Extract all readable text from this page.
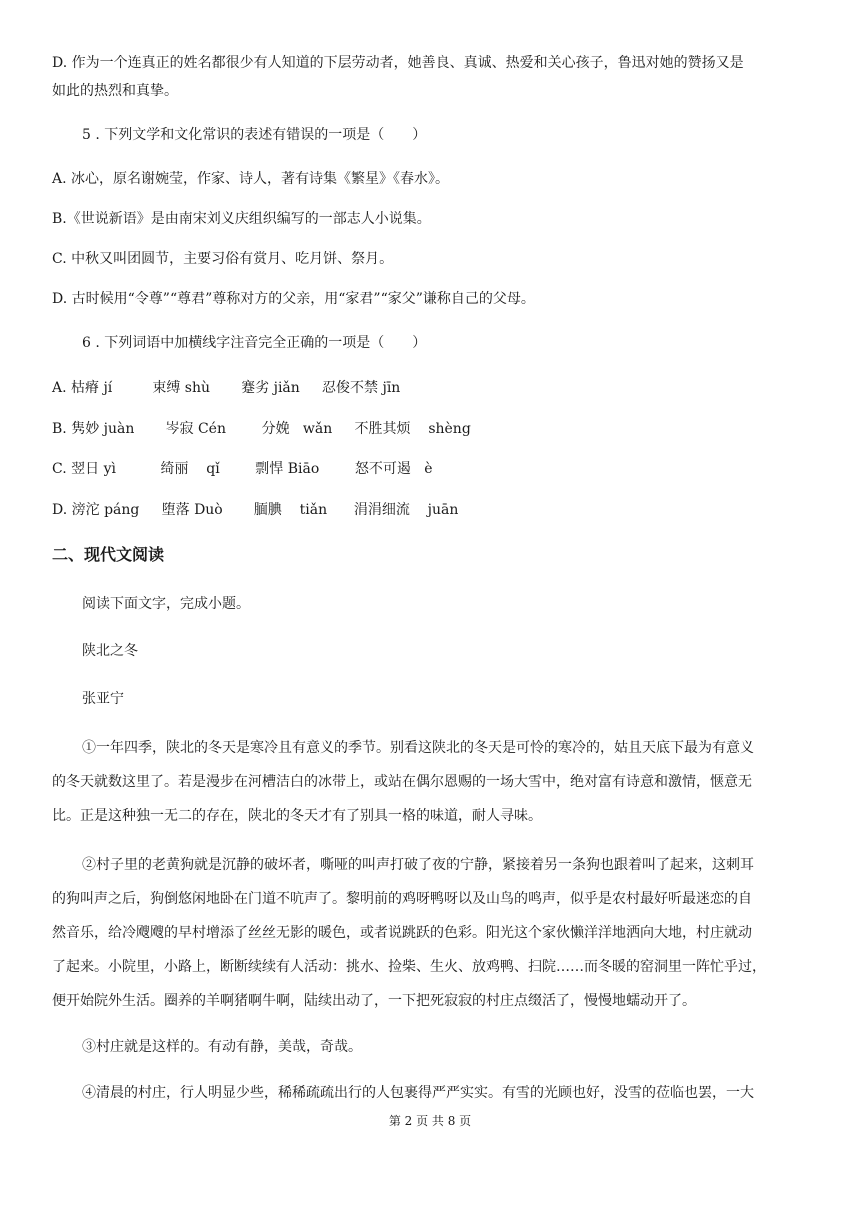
D. 作为一个连真正的姓名都很少有人知道的下层劳动者，她善良、真诚、热爱和关心孩子，鲁迅对她的赞扬又是
如此的热烈和真挚。
5 . 下列文学和文化常识的表述有错误的一项是（　　）
A. 冰心，原名谢婉莹，作家、诗人，著有诗集《繁星》《春水》。
B.《世说新语》是由南宋刘义庆组织编写的一部志人小说集。
C. 中秋又叫团圆节，主要习俗有赏月、吃月饼、祭月。
D. 古时候用“令尊”“尊君”尊称对方的父亲，用“家君”“家父”谦称自己的父母。
6 . 下列词语中加横线字注音完全正确的一项是（　　）
A. 枯瘠 jí         束缚 shù       蹇劣 jiǎn     忍俊不禁 jīn
B. 隽妙 juàn       岑寂 Cén        分娩   wǎn     不胜其烦    shèng
C. 翌日 yì          绮丽    qǐ        剽悍 Biāo        怒不可遏   è
D. 滂沱 páng     堕落 Duò       腼腆    tiǎn      涓涓细流    juān
二、现代文阅读
阅读下面文字，完成小题。
陕北之冬
张亚宁
①一年四季，陕北的冬天是寒冷且有意义的季节。别看这陕北的冬天是可怜的寒冷的，姑且天底下最为有意义
的冬天就数这里了。若是漫步在河槽洁白的冰带上，或站在偶尔恩赐的一场大雪中，绝对富有诗意和激情，惬意无
比。正是这种独一无二的存在，陕北的冬天才有了别具一格的味道，耐人寻味。
②村子里的老黄狗就是沉静的破坏者，嘶哑的叫声打破了夜的宁静，紧接着另一条狗也跟着叫了起来，这刺耳
的狗叫声之后，狗倒悠闲地卧在门道不吭声了。黎明前的鸡呀鸭呀以及山鸟的鸣声，似乎是农村最好听最迷恋的自
然音乐，给冷飕飕的早村增添了丝丝无影的暖色，或者说跳跃的色彩。阳光这个家伙懒洋洋地洒向大地，村庄就动
了起来。小院里，小路上，断断续续有人活动：挑水、捡柴、生火、放鸡鸭、扫院……而冬暖的窑洞里一阵忙乎过，
便开始院外生活。圈养的羊啊猪啊牛啊，陆续出动了，一下把死寂寂的村庄点缀活了，慢慢地蠕动开了。
③村庄就是这样的。有动有静，美哉，奇哉。
④清晨的村庄，行人明显少些，稀稀疏疏出行的人包裹得严严实实。有雪的光顾也好，没雪的莅临也罢，一大
第 2 页 共 8 页
